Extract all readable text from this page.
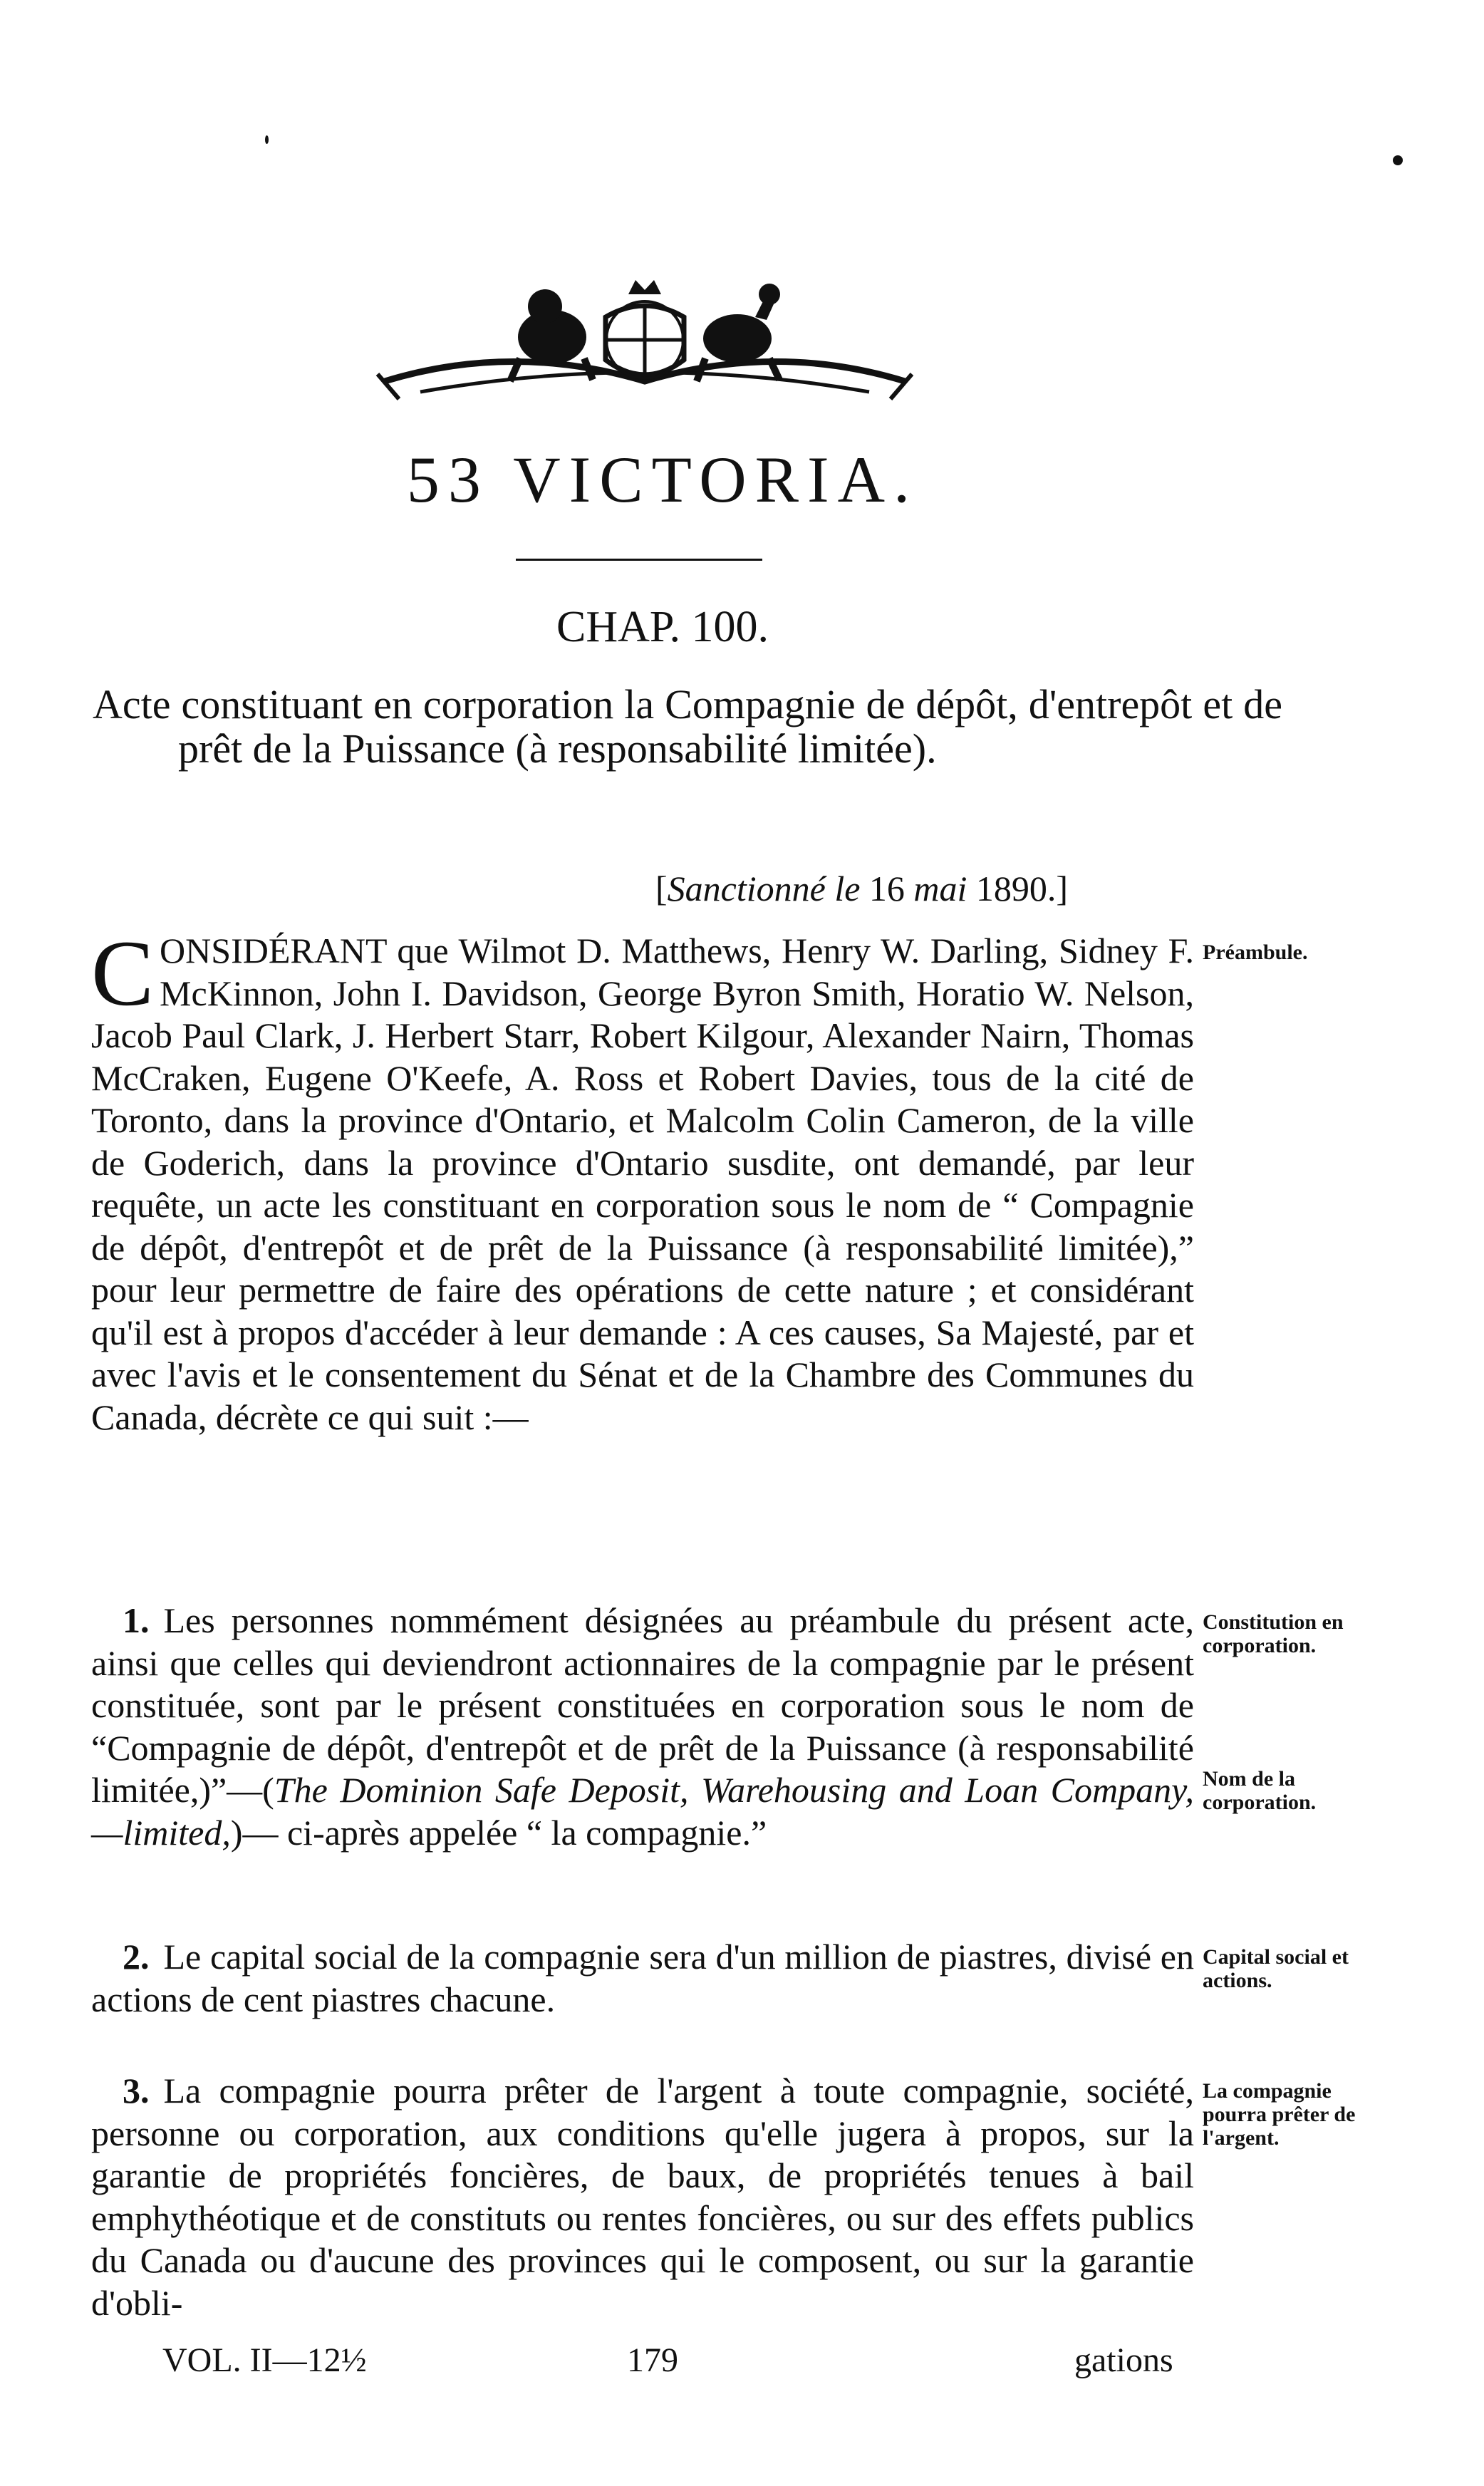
53 VICTORIA.
CHAP. 100.
Acte constituant en corporation la Compagnie de dépôt, d'entrepôt et de prêt de la Puissance (à responsabilité limitée).
[Sanctionné le 16 mai 1890.]

CONSIDÉRANT que Wilmot D. Matthews, Henry W. Darling, Sidney F. McKinnon, John I. Davidson, George Byron Smith, Horatio W. Nelson, Jacob Paul Clark, J. Herbert Starr, Robert Kilgour, Alexander Nairn, Thomas McCraken, Eugene O'Keefe, A. Ross et Robert Davies, tous de la cité de Toronto, dans la province d'Ontario, et Malcolm Colin Cameron, de la ville de Goderich, dans la province d'Ontario susdite, ont demandé, par leur requête, un acte les constituant en corporation sous le nom de “ Compagnie de dépôt, d'entrepôt et de prêt de la Puissance (à responsabilité limitée),” pour leur permettre de faire des opérations de cette nature ; et considérant qu'il est à propos d'accéder à leur demande : A ces causes, Sa Majesté, par et avec l'avis et le consentement du Sénat et de la Chambre des Communes du Canada, décrète ce qui suit :—

1. Les personnes nommément désignées au préambule du présent acte, ainsi que celles qui deviendront actionnaires de la compagnie par le présent constituée, sont par le présent constituées en corporation sous le nom de “Compagnie de dépôt, d'entrepôt et de prêt de la Puissance (à responsabilité limitée,)”—(The Dominion Safe Deposit, Warehousing and Loan Company,—limited,)— ci-après appelée “ la compagnie.”

2. Le capital social de la compagnie sera d'un million de piastres, divisé en actions de cent piastres chacune.

3. La compagnie pourra prêter de l'argent à toute compagnie, société, personne ou corporation, aux conditions qu'elle jugera à propos, sur la garantie de propriétés foncières, de baux, de propriétés tenues à bail emphythéotique et de constituts ou rentes foncières, ou sur des effets publics du Canada ou d'aucune des provinces qui le composent, ou sur la garantie d'obli-

Préambule.
Constitution en corporation.
Nom de la corporation.
Capital social et actions.
La compagnie pourra prêter de l'argent.
VOL. II—12½	179	gations
